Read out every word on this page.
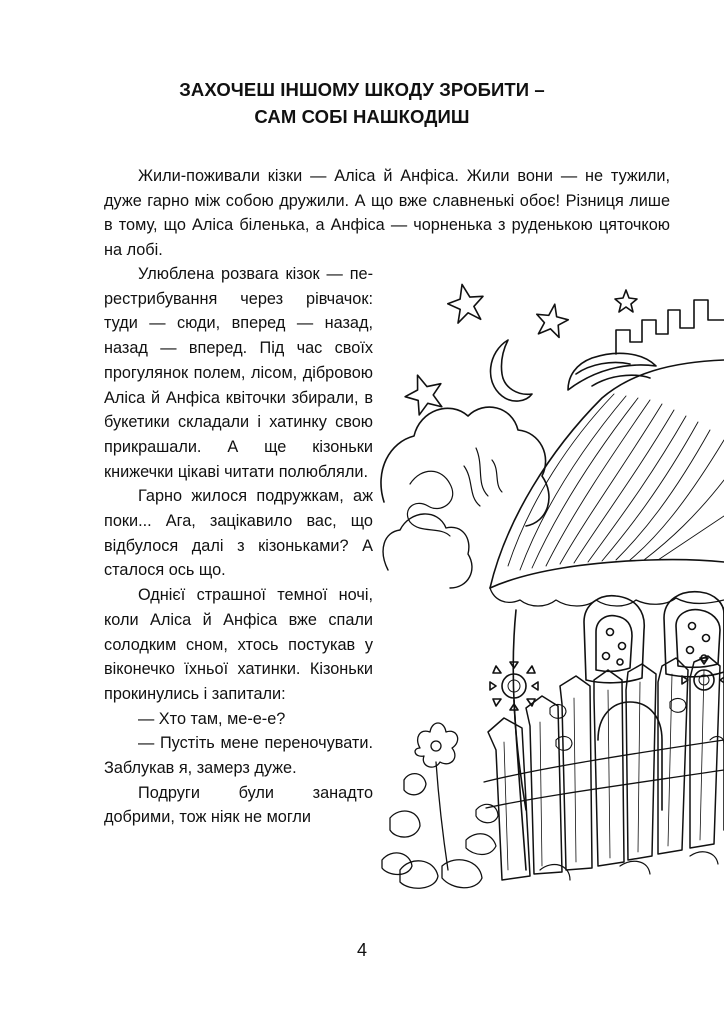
ЗАХОЧЕШ ІНШОМУ ШКОДУ ЗРОБИТИ –
САМ СОБІ НАШКОДИШ

Жили-поживали кізки — Аліса й Анфіса. Жили вони — не тужили, дуже гарно між собою дружили. А що вже славненькі обоє! Різниця лише в тому, що Аліса біленька, а Анфіса — чорненька з руденькою цяточкою на лобі.

Улюблена розвага кізок — перестрибування через рівчачок: туди — сюди, вперед — назад, назад — вперед. Під час своїх прогулянок полем, лісом, дібровою Аліса й Анфіса квіточки збирали, в букетики складали і хатинку свою прикрашали. А ще кізоньки книжечки цікаві читати полюбляли.

Гарно жилося подружкам, аж поки... Ага, зацікавило вас, що відбулося далі з кізоньками? А сталося ось що.

Однієї страшної темної ночі, коли Аліса й Анфіса вже спали солодким сном, хтось постукав у віконечко їхньої хатинки. Кізоньки прокинулись і запитали:

— Хто там, ме-е-е?

— Пустіть мене переночувати. Заблукав я, замерз дуже.

Подруги були занадто добрими, тож ніяк не могли

4
